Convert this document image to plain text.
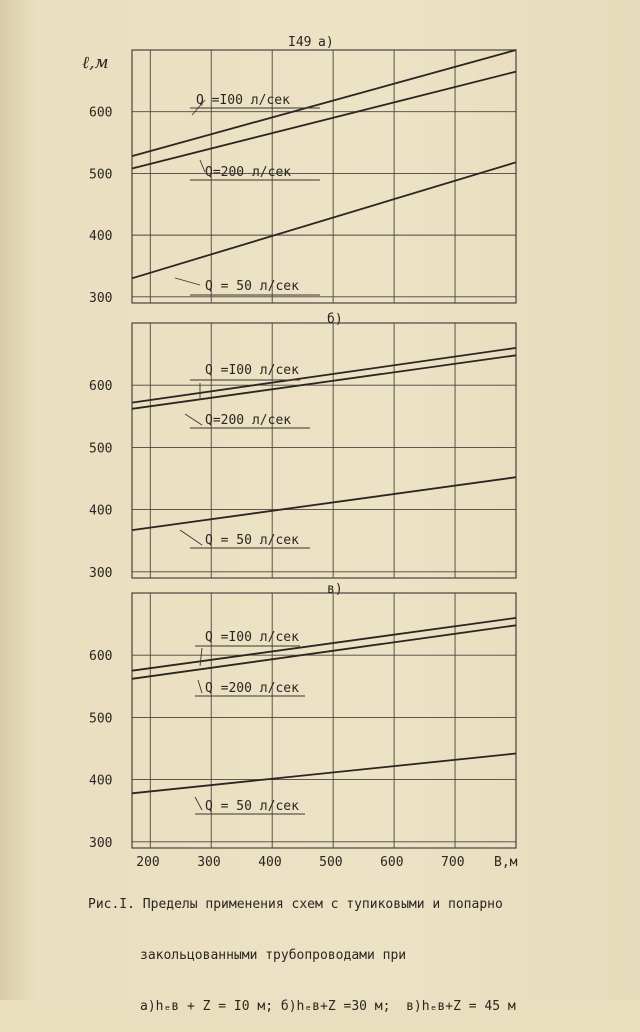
300
400
500
600
а)
Q =I00 л/сек
Q=200 л/сек
Q = 50 л/сек
300
400
500
600
б)
Q =I00 л/сек
Q=200 л/сек
Q = 50 л/сек
300
400
500
600
в)
Q =I00 л/сек
Q =200 л/сек
Q = 50 л/сек
200	300	400	500	600	700 B,м
I49
ℓ,м

Рис.I. Пределы применения схем с тупиковыми и попарно

закольцованными трубопроводами при

а)hₑв + Z = I0 м; б)hₑв+Z =30 м;  в)hₑв+Z = 45 м
